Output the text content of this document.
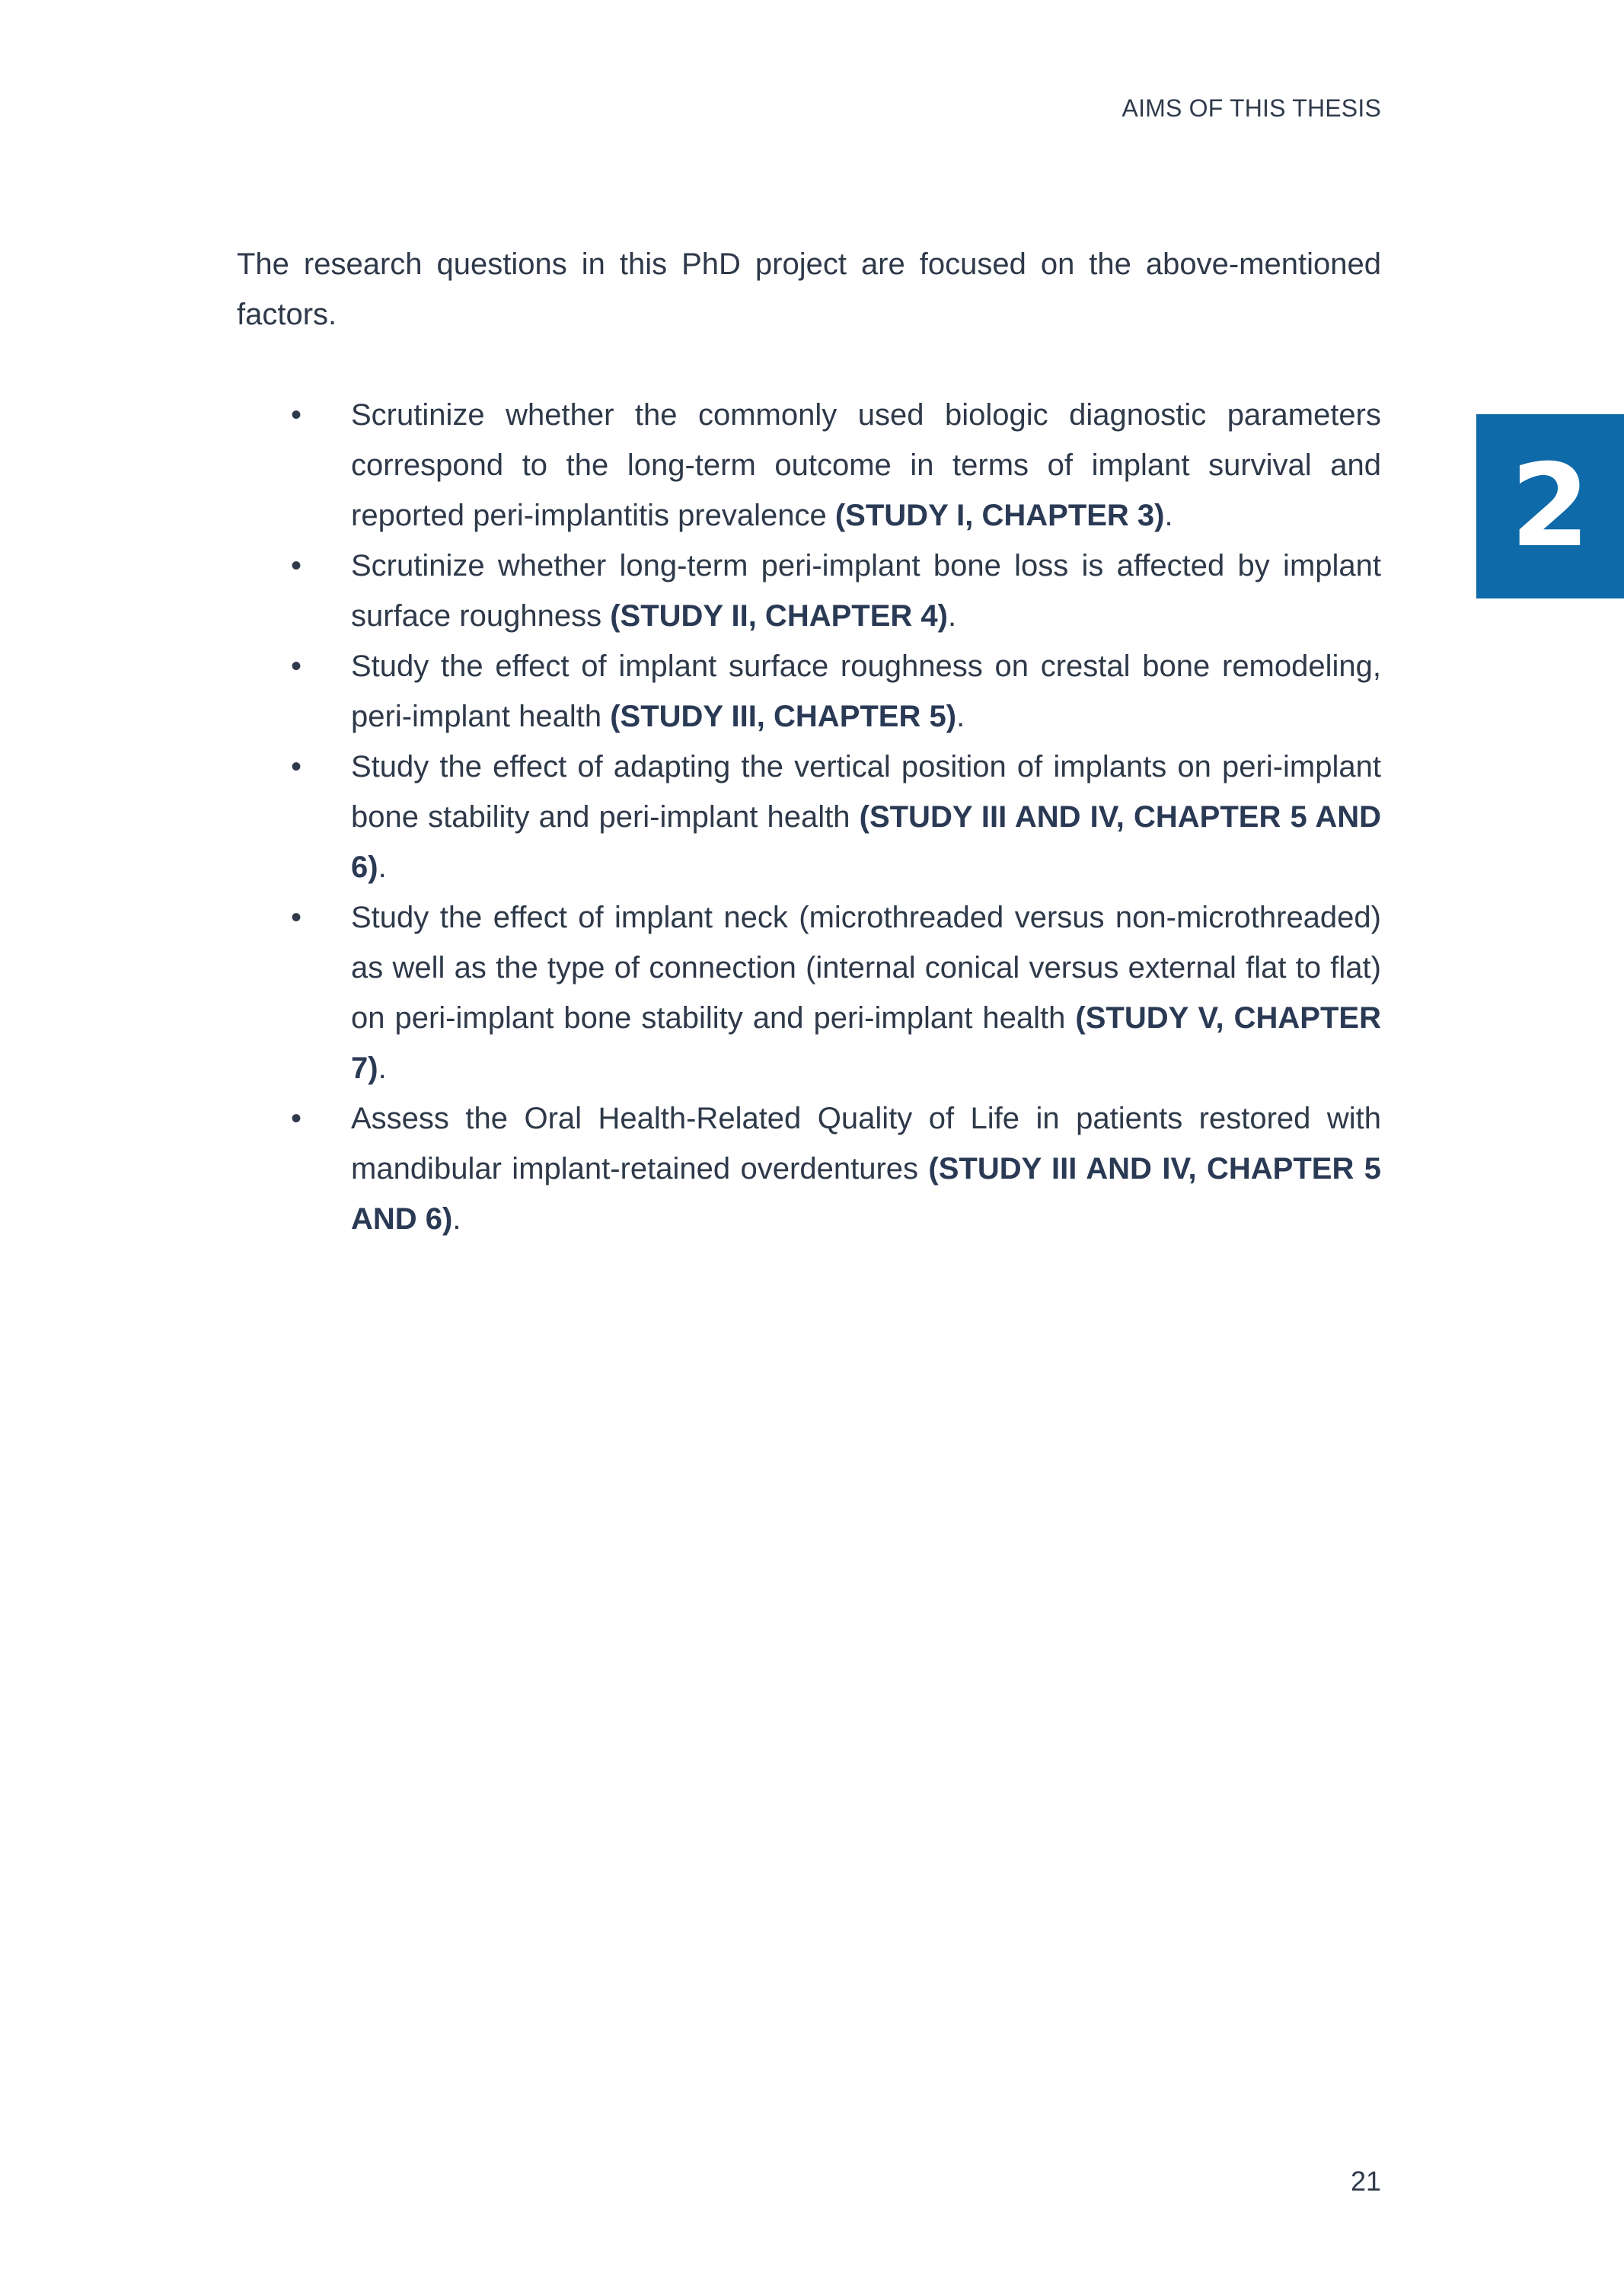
AIMS OF THIS THESIS
2

The research questions in this PhD project are focused on the above-mentioned factors.

• Scrutinize whether the commonly used biologic diagnostic parameters correspond to the long-term outcome in terms of implant survival and reported peri-implantitis prevalence (STUDY I, CHAPTER 3).
• Scrutinize whether long-term peri-implant bone loss is affected by implant surface roughness (STUDY II, CHAPTER 4).
• Study the effect of implant surface roughness on crestal bone remodeling, peri-implant health (STUDY III, CHAPTER 5).
• Study the effect of adapting the vertical position of implants on peri-implant bone stability and peri-implant health (STUDY III AND IV, CHAPTER 5 AND 6).
• Study the effect of implant neck (microthreaded versus non-microthreaded) as well as the type of connection (internal conical versus external flat to flat) on peri-implant bone stability and peri-implant health (STUDY V, CHAPTER 7).
• Assess the Oral Health-Related Quality of Life in patients restored with mandibular implant-retained overdentures (STUDY III AND IV, CHAPTER 5 AND 6).
21
